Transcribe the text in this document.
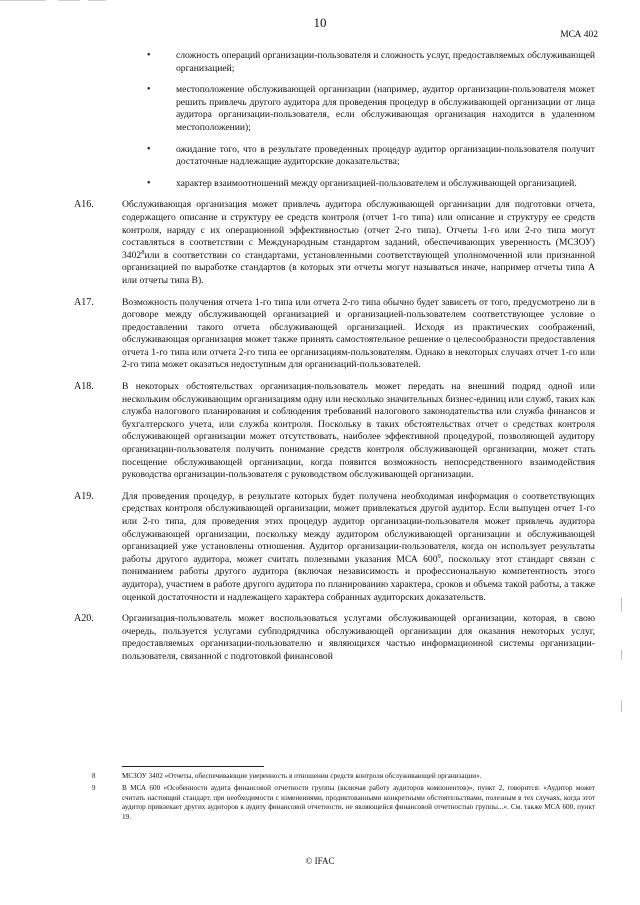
10
МСА 402
•	сложность операций организации-пользователя и сложность услуг, предоставляемых обслуживающей организацией;
•	местоположение обслуживающей организации (например, аудитор организации-пользователя может решить привлечь другого аудитора для проведения процедур в обслуживающей организации от лица аудитора организации-пользователя, если обслуживающая организация находится в удаленном местоположении);
•	ожидание того, что в результате проведенных процедур аудитор организации-пользователя получит достаточные надлежащие аудиторские доказательства;
•	характер взаимоотношений между организацией-пользователем и обслуживающей организацией.
A16.	Обслуживающая организация может привлечь аудитора обслуживающей организации для подготовки отчета, содержащего описание и структуру ее средств контроля (отчет 1-го типа) или описание и структуру ее средств контроля, наряду с их операционной эффективностью (отчет 2-го типа). Отчеты 1-го или 2-го типа могут составляться в соответствии с Международным стандартом заданий, обеспечивающих уверенность (МСЗОУ) 3402$^8$или в соответствии со стандартами, установленными соответствующей уполномоченной или признанной организацией по выработке стандартов (в которых эти отчеты могут называться иначе, например отчеты типа А или отчеты типа В).
A17.	Возможность получения отчета 1-го типа или отчета 2-го типа обычно будет зависеть от того, предусмотрено ли в договоре между обслуживающей организацией и организацией-пользователем соответствующее условие о предоставлении такого отчета обслуживающей организацией. Исходя из практических соображений, обслуживающая организация может также принять самостоятельное решение о целесообразности предоставления отчета 1-го типа или отчета 2-го типа ее организациям-пользователям. Однако в некоторых случаях отчет 1-го или 2-го типа может оказаться недоступным для организаций-пользователей.
A18.	В некоторых обстоятельствах организация-пользователь может передать на внешний подряд одной или нескольким обслуживающим организациям одну или несколько значительных бизнес-единиц или служб, таких как служба налогового планирования и соблюдения требований налогового законодательства или служба финансов и бухгалтерского учета, или служба контроля. Поскольку в таких обстоятельствах отчет о средствах контроля обслуживающей организации может отсутствовать, наиболее эффективной процедурой, позволяющей аудитору организации-пользователя получить понимание средств контроля обслуживающей организации, может стать посещение обслуживающей организации, когда появится возможность непосредственного взаимодействия руководства организации-пользователя с руководством обслуживающей организации.
A19.	Для проведения процедур, в результате которых будет получена необходимая информация о соответствующих средствах контроля обслуживающей организации, может привлекаться другой аудитор. Если выпущен отчет 1-го или 2-го типа, для проведения этих процедур аудитор организации-пользователя может привлечь аудитора обслуживающей организации, поскольку между аудитором обслуживающей организации и обслуживающей организацией уже установлены отношения. Аудитор организации-пользователя, когда он использует результаты работы другого аудитора, может считать полезными указания МСА $600^9$, поскольку этот стандарт связан с пониманием работы другого аудитора (включая независимость и профессиональную компетентность этого аудитора), участием в работе другого аудитора по планированию характера, сроков и объема такой работы, а также оценкой достаточности и надлежащего характера собранных аудиторских доказательств.
A20.	Организация-пользователь может воспользоваться услугами обслуживающей организации, которая, в свою очередь, пользуется услугами субподрядчика обслуживающей организации для оказания некоторых услуг, предоставляемых организации-пользователю и являющихся частью информационной системы организации-пользователя, связанной с подготовкой финансовой
8	МСЗОУ 3402 «Отчеты, обеспечивающие уверенность в отношении средств контроля обслуживающей организации».
9	В МСА 600 «Особенности аудита финансовой отчетности группы (включая работу аудиторов компонентов)», пункт 2, говорится: «Аудитор может считать настоящий стандарт, при необходимости с изменениями, продиктованными конкретными обстоятельствами, полезным в тех случаях, когда этот аудитор привлекает других аудиторов к аудиту финансовой отчетности, не являющейся финансовой отчетностью группы...». См. также МСА 600, пункт 19.
© IFAC
